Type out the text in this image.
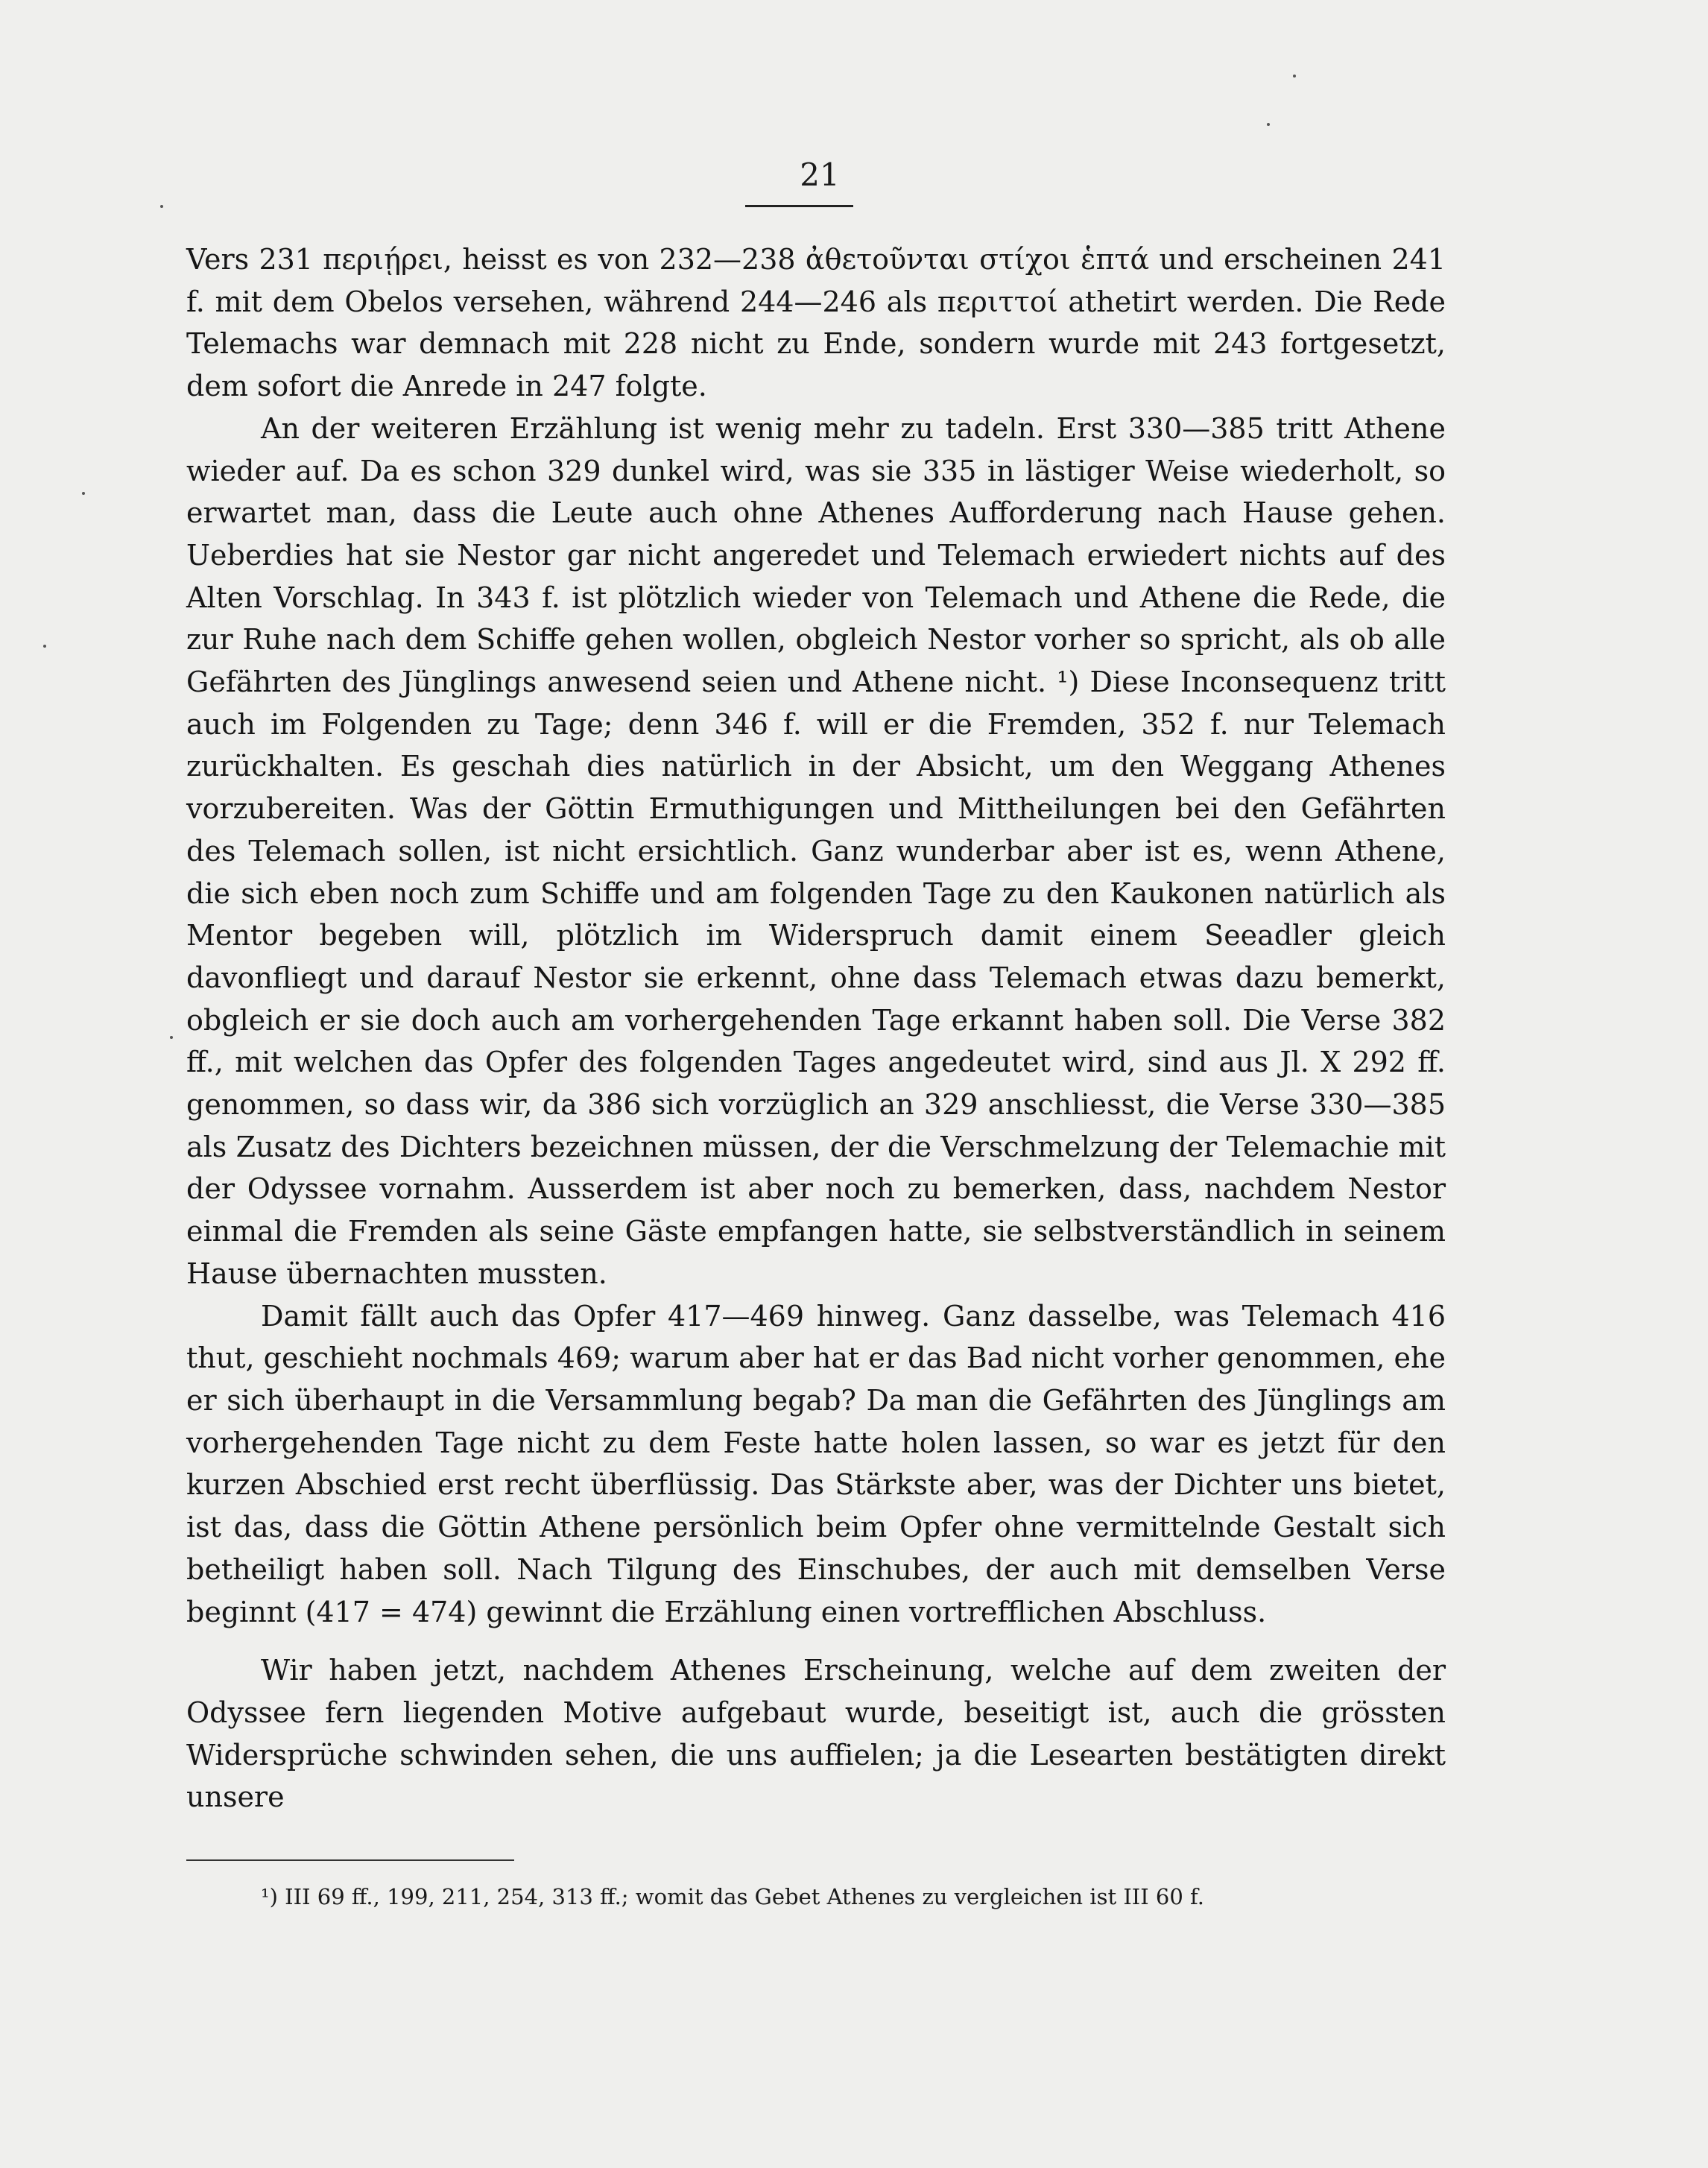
21

Vers 231 περιῄρει, heisst es von 232—238 ἀθετοῦνται στίχοι ἑπτά und erscheinen 241 f. mit dem Obelos versehen, während 244—246 als περιττοί athetirt werden. Die Rede Telemachs war demnach mit 228 nicht zu Ende, sondern wurde mit 243 fortgesetzt, dem sofort die Anrede in 247 folgte.

An der weiteren Erzählung ist wenig mehr zu tadeln. Erst 330—385 tritt Athene wieder auf. Da es schon 329 dunkel wird, was sie 335 in lästiger Weise wiederholt, so erwartet man, dass die Leute auch ohne Athenes Aufforderung nach Hause gehen. Ueberdies hat sie Nestor gar nicht angeredet und Telemach erwiedert nichts auf des Alten Vorschlag. In 343 f. ist plötzlich wieder von Telemach und Athene die Rede, die zur Ruhe nach dem Schiffe gehen wollen, obgleich Nestor vorher so spricht, als ob alle Gefährten des Jünglings anwesend seien und Athene nicht. ¹) Diese Inconsequenz tritt auch im Folgenden zu Tage; denn 346 f. will er die Fremden, 352 f. nur Telemach zurückhalten. Es geschah dies natürlich in der Absicht, um den Weggang Athenes vorzubereiten. Was der Göttin Ermuthigungen und Mittheilungen bei den Gefährten des Telemach sollen, ist nicht ersichtlich. Ganz wunderbar aber ist es, wenn Athene, die sich eben noch zum Schiffe und am folgenden Tage zu den Kaukonen natürlich als Mentor begeben will, plötzlich im Widerspruch damit einem Seeadler gleich davonfliegt und darauf Nestor sie erkennt, ohne dass Telemach etwas dazu bemerkt, obgleich er sie doch auch am vorhergehenden Tage erkannt haben soll. Die Verse 382 ff., mit welchen das Opfer des folgenden Tages angedeutet wird, sind aus Jl. X 292 ff. genommen, so dass wir, da 386 sich vorzüglich an 329 anschliesst, die Verse 330—385 als Zusatz des Dichters bezeichnen müssen, der die Verschmelzung der Telemachie mit der Odyssee vornahm. Ausserdem ist aber noch zu bemerken, dass, nachdem Nestor einmal die Fremden als seine Gäste empfangen hatte, sie selbstverständlich in seinem Hause übernachten mussten.

Damit fällt auch das Opfer 417—469 hinweg. Ganz dasselbe, was Telemach 416 thut, geschieht nochmals 469; warum aber hat er das Bad nicht vorher genommen, ehe er sich überhaupt in die Versammlung begab? Da man die Gefährten des Jünglings am vorhergehenden Tage nicht zu dem Feste hatte holen lassen, so war es jetzt für den kurzen Abschied erst recht überflüssig. Das Stärkste aber, was der Dichter uns bietet, ist das, dass die Göttin Athene persönlich beim Opfer ohne vermittelnde Gestalt sich betheiligt haben soll. Nach Tilgung des Einschubes, der auch mit demselben Verse beginnt (417 = 474) gewinnt die Erzählung einen vortrefflichen Abschluss.

Wir haben jetzt, nachdem Athenes Erscheinung, welche auf dem zweiten der Odyssee fern liegenden Motive aufgebaut wurde, beseitigt ist, auch die grössten Widersprüche schwinden sehen, die uns auffielen; ja die Lesearten bestätigten direkt unsere

¹) III 69 ff., 199, 211, 254, 313 ff.; womit das Gebet Athenes zu vergleichen ist III 60 f.
